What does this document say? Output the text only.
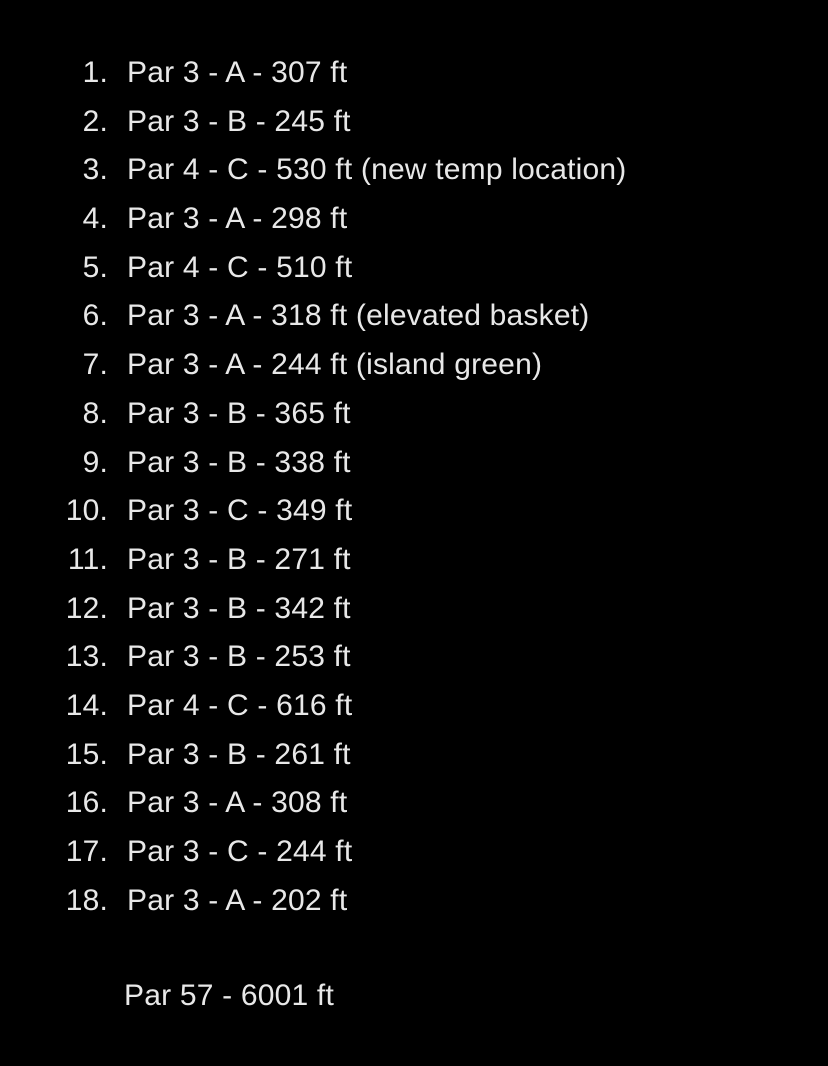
1. Par 3 - A - 307 ft
2. Par 3 - B - 245 ft
3. Par 4 - C - 530 ft (new temp location)
4. Par 3 - A - 298 ft
5. Par 4 - C - 510 ft
6. Par 3 - A - 318 ft (elevated basket)
7. Par 3 - A - 244 ft (island green)
8. Par 3 - B - 365 ft
9. Par 3 - B - 338 ft
10. Par 3 - C - 349 ft
11. Par 3 - B - 271 ft
12. Par 3 - B - 342 ft
13. Par 3 - B - 253 ft
14. Par 4 - C - 616 ft
15. Par 3 - B - 261 ft
16. Par 3 - A - 308 ft
17. Par 3 - C - 244 ft
18. Par 3 - A - 202 ft
Par 57 - 6001 ft
